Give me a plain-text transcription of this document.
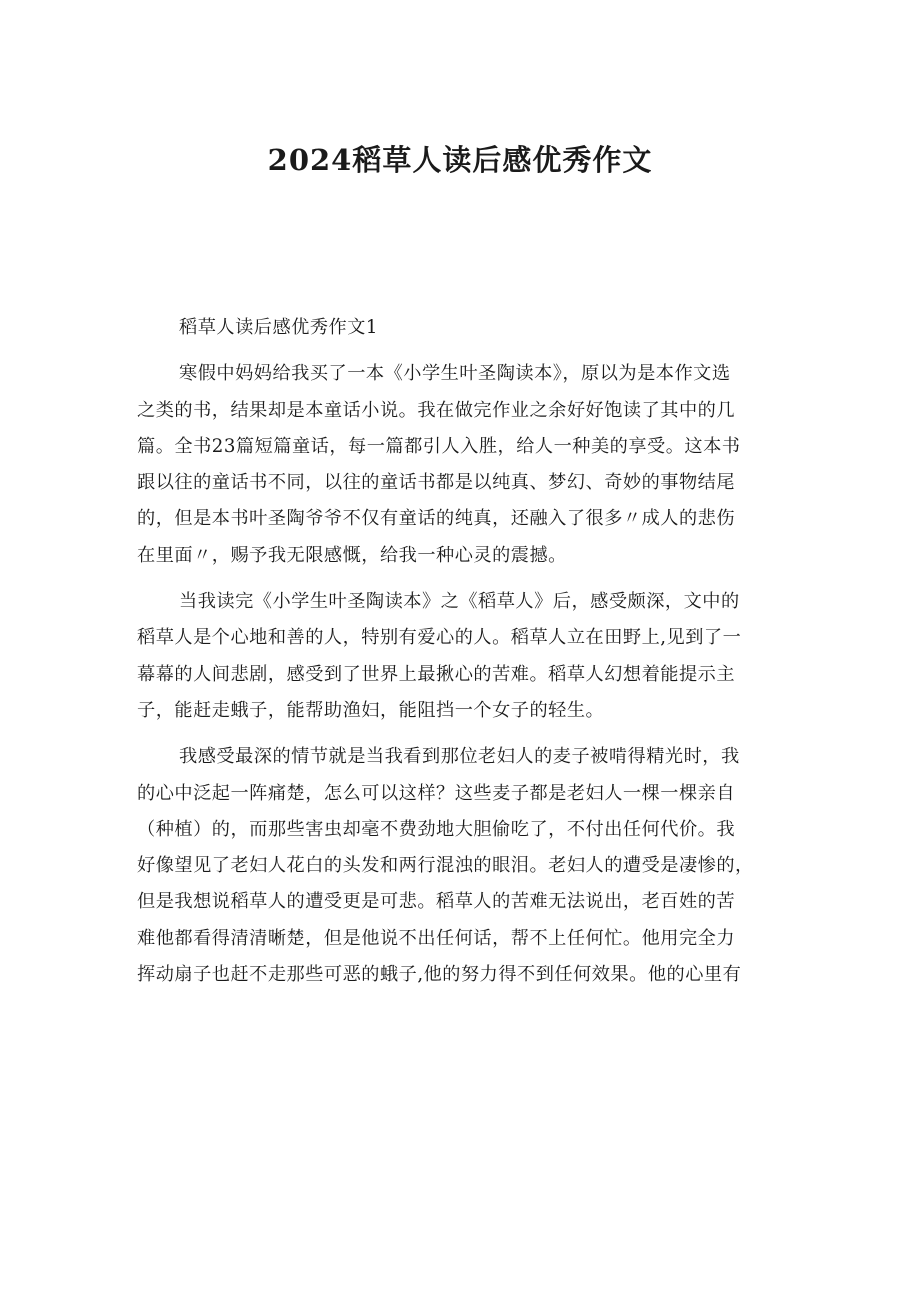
2024稻草人读后感优秀作文
稻草人读后感优秀作文1
寒假中妈妈给我买了一本《小学生叶圣陶读本》，原以为是本作文选
之类的书，结果却是本童话小说。我在做完作业之余好好饱读了其中的几
篇。全书23篇短篇童话，每一篇都引人入胜，给人一种美的享受。这本书
跟以往的童话书不同，以往的童话书都是以纯真、梦幻、奇妙的事物结尾
的，但是本书叶圣陶爷爷不仅有童话的纯真，还融入了很多〃成人的悲伤
在里面〃，赐予我无限感慨，给我一种心灵的震撼。
当我读完《小学生叶圣陶读本》之《稻草人》后，感受颇深，文中的
稻草人是个心地和善的人，特别有爱心的人。稻草人立在田野上,见到了一
幕幕的人间悲剧，感受到了世界上最揪心的苦难。稻草人幻想着能提示主
子，能赶走蛾子，能帮助渔妇，能阻挡一个女子的轻生。
我感受最深的情节就是当我看到那位老妇人的麦子被啃得精光时，我
的心中泛起一阵痛楚，怎么可以这样？这些麦子都是老妇人一棵一棵亲自
（种植）的，而那些害虫却毫不费劲地大胆偷吃了，不付出任何代价。我
好像望见了老妇人花白的头发和两行混浊的眼泪。老妇人的遭受是凄惨的，
但是我想说稻草人的遭受更是可悲。稻草人的苦难无法说出，老百姓的苦
难他都看得清清晰楚，但是他说不出任何话，帮不上任何忙。他用完全力
挥动扇子也赶不走那些可恶的蛾子,他的努力得不到任何效果。他的心里有
